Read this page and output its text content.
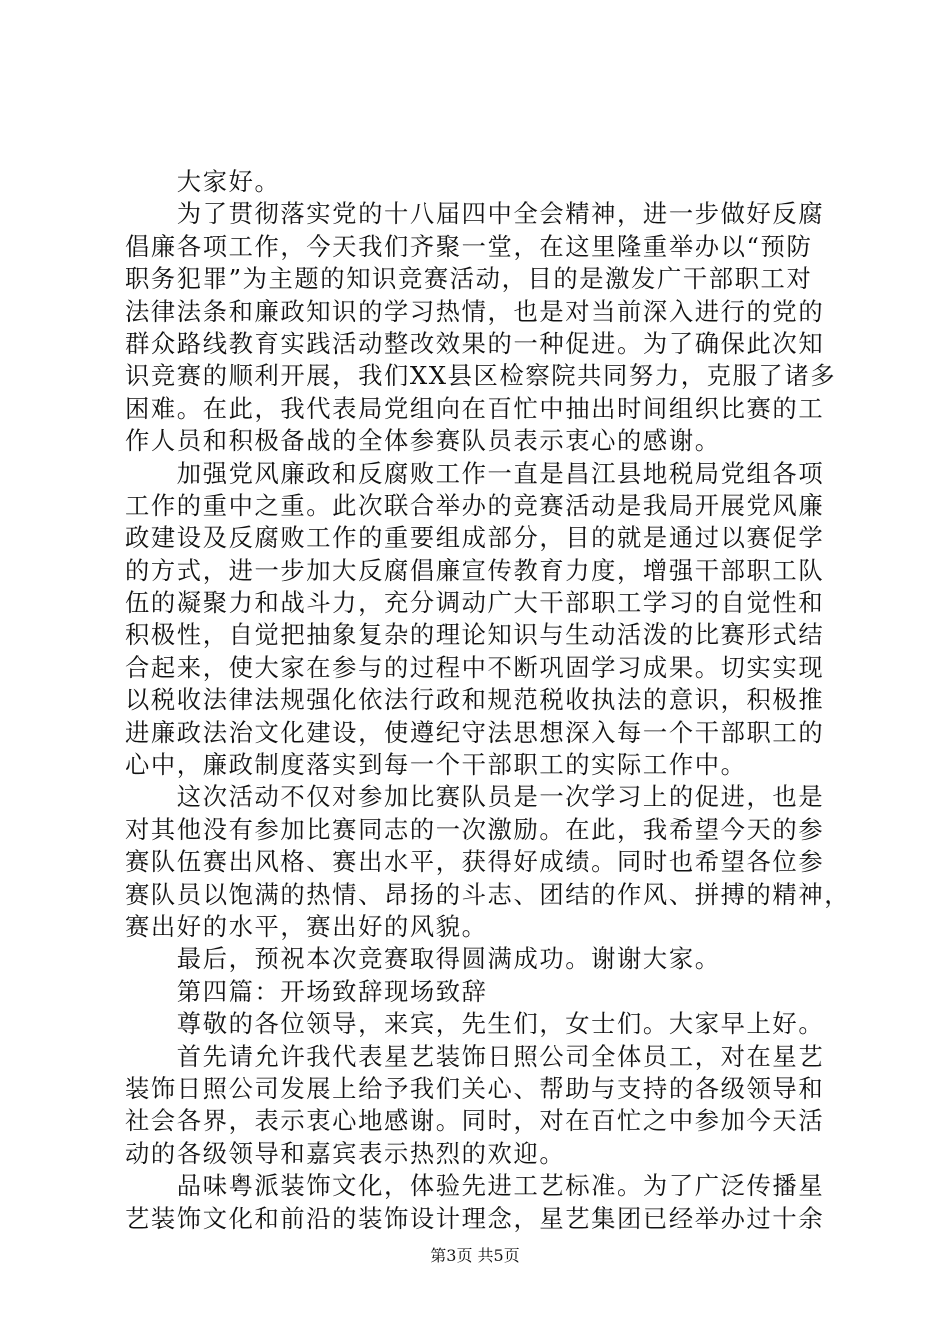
　　大家好。
　　为了贯彻落实党的十八届四中全会精神，进一步做好反腐
倡廉各项工作，今天我们齐聚一堂，在这里隆重举办以“预防
职务犯罪”为主题的知识竞赛活动，目的是激发广干部职工对
法律法条和廉政知识的学习热情，也是对当前深入进行的党的
群众路线教育实践活动整改效果的一种促进。为了确保此次知
识竞赛的顺利开展，我们XX县区检察院共同努力，克服了诸多
困难。在此，我代表局党组向在百忙中抽出时间组织比赛的工
作人员和积极备战的全体参赛队员表示衷心的感谢。
　　加强党风廉政和反腐败工作一直是昌江县地税局党组各项
工作的重中之重。此次联合举办的竞赛活动是我局开展党风廉
政建设及反腐败工作的重要组成部分，目的就是通过以赛促学
的方式，进一步加大反腐倡廉宣传教育力度，增强干部职工队
伍的凝聚力和战斗力，充分调动广大干部职工学习的自觉性和
积极性，自觉把抽象复杂的理论知识与生动活泼的比赛形式结
合起来，使大家在参与的过程中不断巩固学习成果。切实实现
以税收法律法规强化依法行政和规范税收执法的意识，积极推
进廉政法治文化建设，使遵纪守法思想深入每一个干部职工的
心中，廉政制度落实到每一个干部职工的实际工作中。
　　这次活动不仅对参加比赛队员是一次学习上的促进，也是
对其他没有参加比赛同志的一次激励。在此，我希望今天的参
赛队伍赛出风格、赛出水平，获得好成绩。同时也希望各位参
赛队员以饱满的热情、昂扬的斗志、团结的作风、拼搏的精神，
赛出好的水平，赛出好的风貌。
　　最后，预祝本次竞赛取得圆满成功。谢谢大家。
　　第四篇：开场致辞现场致辞
　　尊敬的各位领导，来宾，先生们，女士们。大家早上好。
　　首先请允许我代表星艺装饰日照公司全体员工，对在星艺
装饰日照公司发展上给予我们关心、帮助与支持的各级领导和
社会各界，表示衷心地感谢。同时，对在百忙之中参加今天活
动的各级领导和嘉宾表示热烈的欢迎。
　　品味粤派装饰文化，体验先进工艺标准。为了广泛传播星
艺装饰文化和前沿的装饰设计理念，星艺集团已经举办过十余
第3页 共5页
